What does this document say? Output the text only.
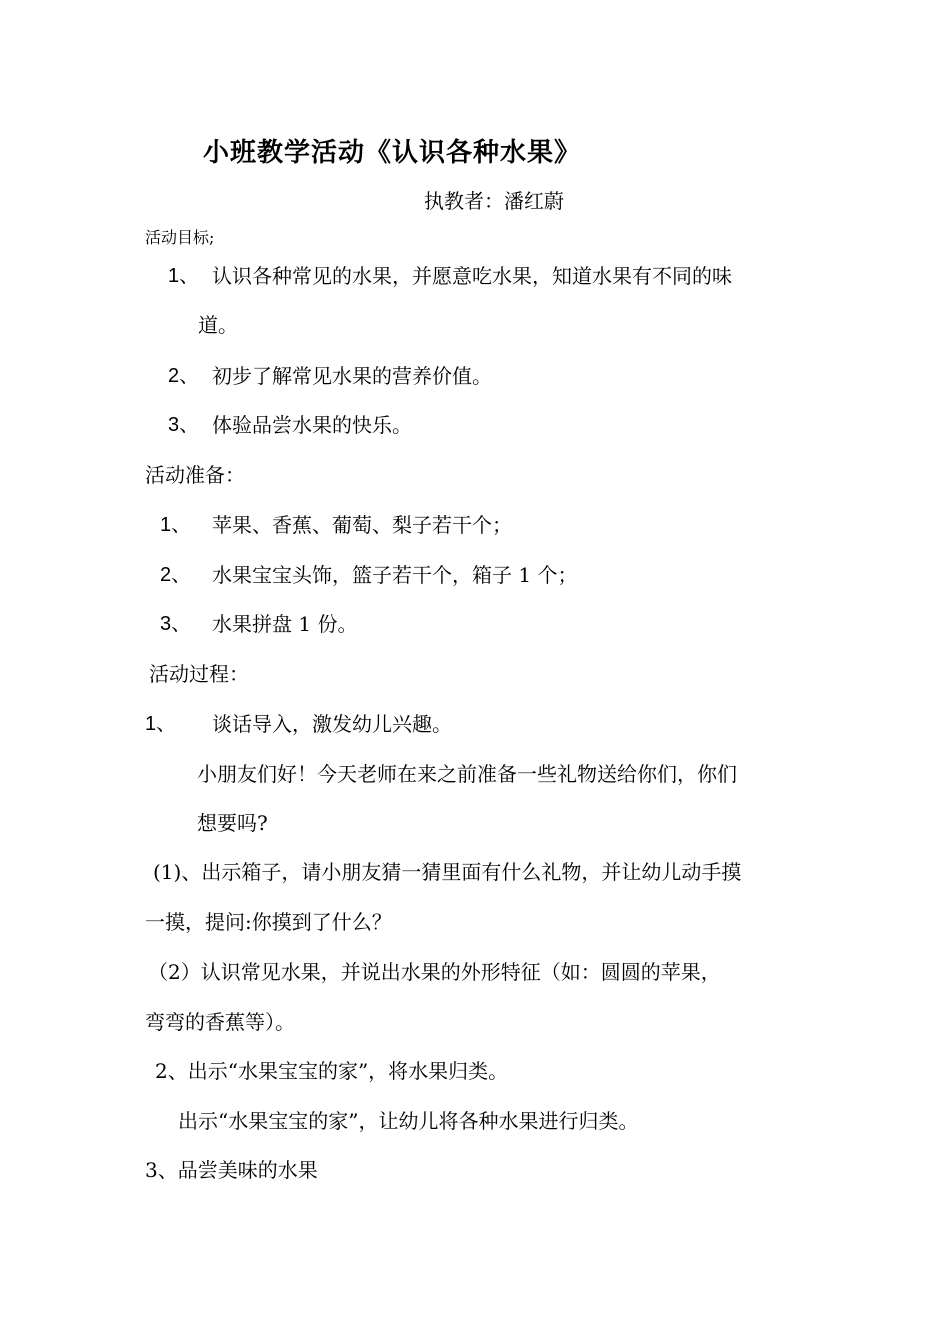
小班教学活动《认识各种水果》
执教者：潘红蔚
活动目标;
1、 认识各种常见的水果，并愿意吃水果，知道水果有不同的味
道。
2、 初步了解常见水果的营养价值。
3、 体验品尝水果的快乐。
活动准备：
1、 苹果、香蕉、葡萄、梨子若干个；
2、 水果宝宝头饰，篮子若干个，箱子 1 个；
3、 水果拼盘 1 份。
活动过程：
1、 谈话导入，激发幼儿兴趣。
小朋友们好！今天老师在来之前准备一些礼物送给你们，你们
想要吗?
(1)、出示箱子，请小朋友猜一猜里面有什么礼物，并让幼儿动手摸
一摸，提问:你摸到了什么？
（2）认识常见水果，并说出水果的外形特征（如：圆圆的苹果，
弯弯的香蕉等）。
2、出示“水果宝宝的家”，将水果归类。
出示“水果宝宝的家”，让幼儿将各种水果进行归类。
3、品尝美味的水果
